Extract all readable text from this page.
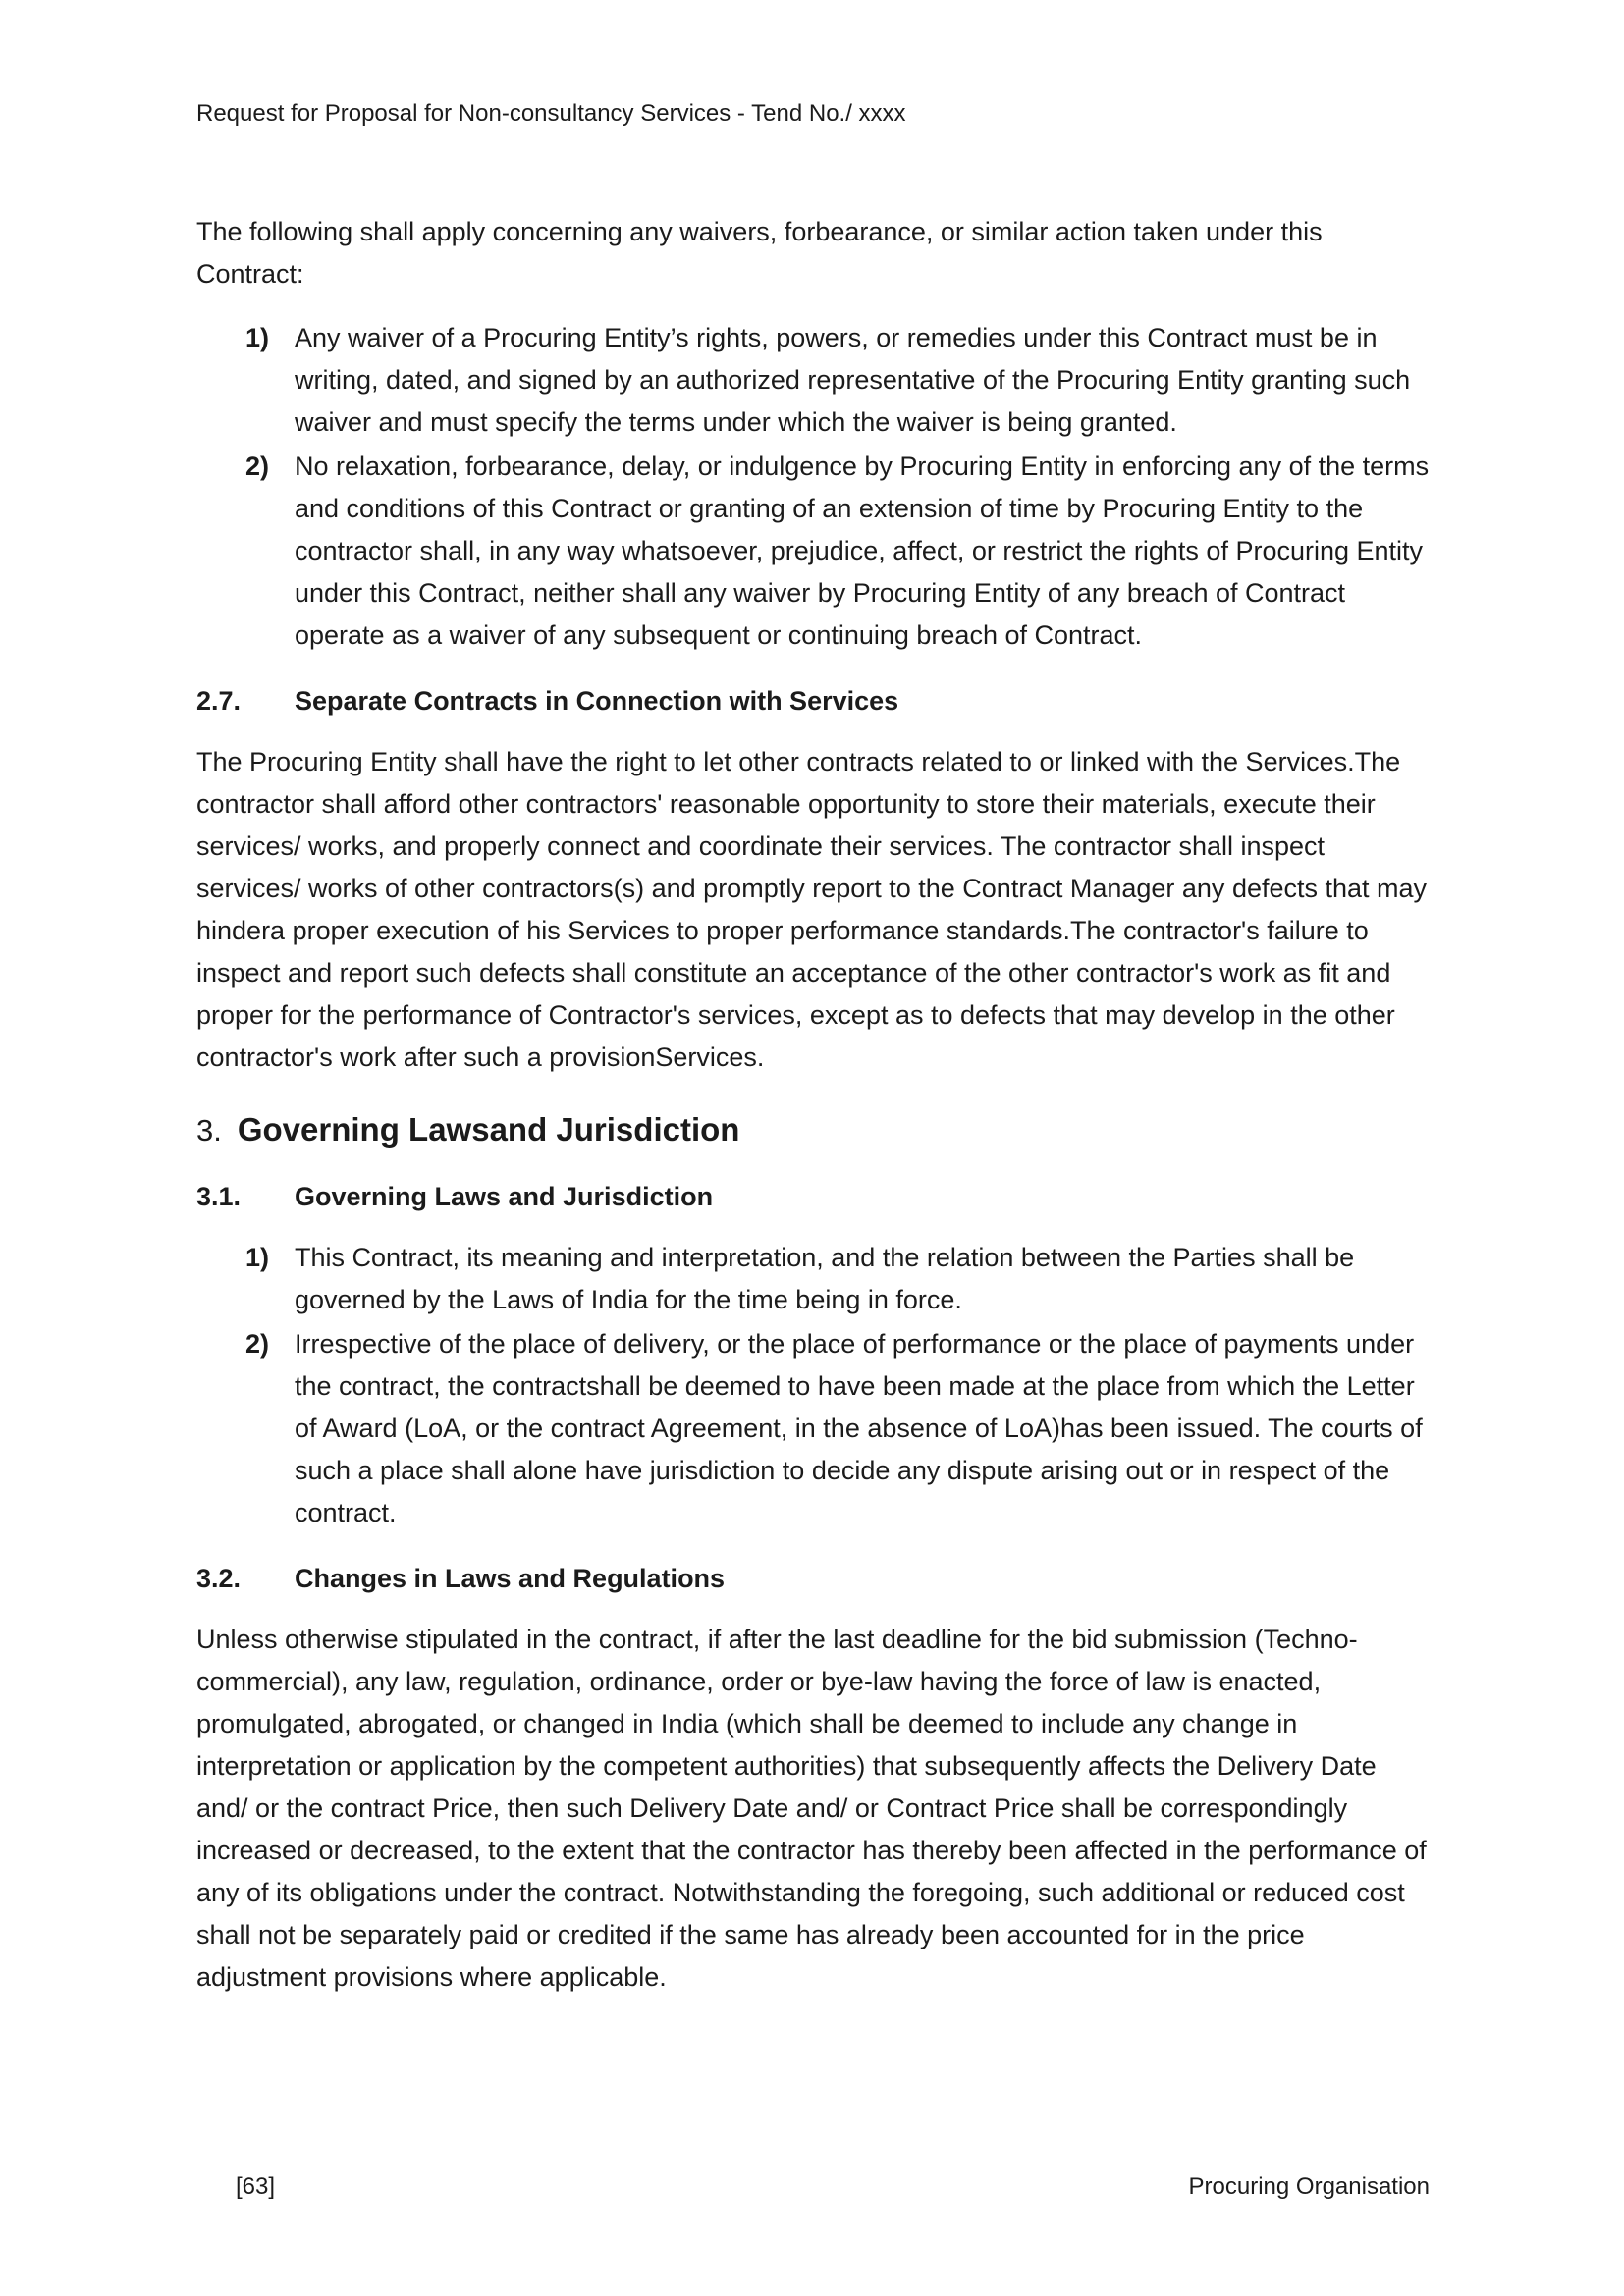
Request for Proposal for Non-consultancy Services - Tend No./ xxxx

The following shall apply concerning any waivers, forbearance, or similar action taken under this Contract:

1) Any waiver of a Procuring Entity’s rights, powers, or remedies under this Contract must be in writing, dated, and signed by an authorized representative of the Procuring Entity granting such waiver and must specify the terms under which the waiver is being granted.
2) No relaxation, forbearance, delay, or indulgence by Procuring Entity in enforcing any of the terms and conditions of this Contract or granting of an extension of time by Procuring Entity to the contractor shall, in any way whatsoever, prejudice, affect, or restrict the rights of Procuring Entity under this Contract, neither shall any waiver by Procuring Entity of any breach of Contract operate as a waiver of any subsequent or continuing breach of Contract.
2.7.	Separate Contracts in Connection with Services

The Procuring Entity shall have the right to let other contracts related to or linked with the Services.The contractor shall afford other contractors' reasonable opportunity to store their materials, execute their services/ works, and properly connect and coordinate their services. The contractor shall inspect services/ works of other contractors(s) and promptly report to the Contract Manager any defects that may hindera proper execution of his Services to proper performance standards.The contractor's failure to inspect and report such defects shall constitute an acceptance of the other contractor's work as fit and proper for the performance of Contractor's services, except as to defects that may develop in the other contractor's work after such a provisionServices.

3. Governing Lawsand Jurisdiction
3.1.	Governing Laws and Jurisdiction
1) This Contract, its meaning and interpretation, and the relation between the Parties shall be governed by the Laws of India for the time being in force.
2) Irrespective of the place of delivery, or the place of performance or the place of payments under the contract, the contractshall be deemed to have been made at the place from which the Letter of Award (LoA, or the contract Agreement, in the absence of LoA)has been issued. The courts of such a place shall alone have jurisdiction to decide any dispute arising out or in respect of the contract.
3.2.	Changes in Laws and Regulations

Unless otherwise stipulated in the contract, if after the last deadline for the bid submission (Techno-commercial), any law, regulation, ordinance, order or bye-law having the force of law is enacted, promulgated, abrogated, or changed in India (which shall be deemed to include any change in interpretation or application by the competent authorities) that subsequently affects the Delivery Date and/ or the contract Price, then such Delivery Date and/ or Contract Price shall be correspondingly increased or decreased, to the extent that the contractor has thereby been affected in the performance of any of its obligations under the contract. Notwithstanding the foregoing, such additional or reduced cost shall not be separately paid or credited if the same has already been accounted for in the price adjustment provisions where applicable.

[63]	Procuring Organisation
